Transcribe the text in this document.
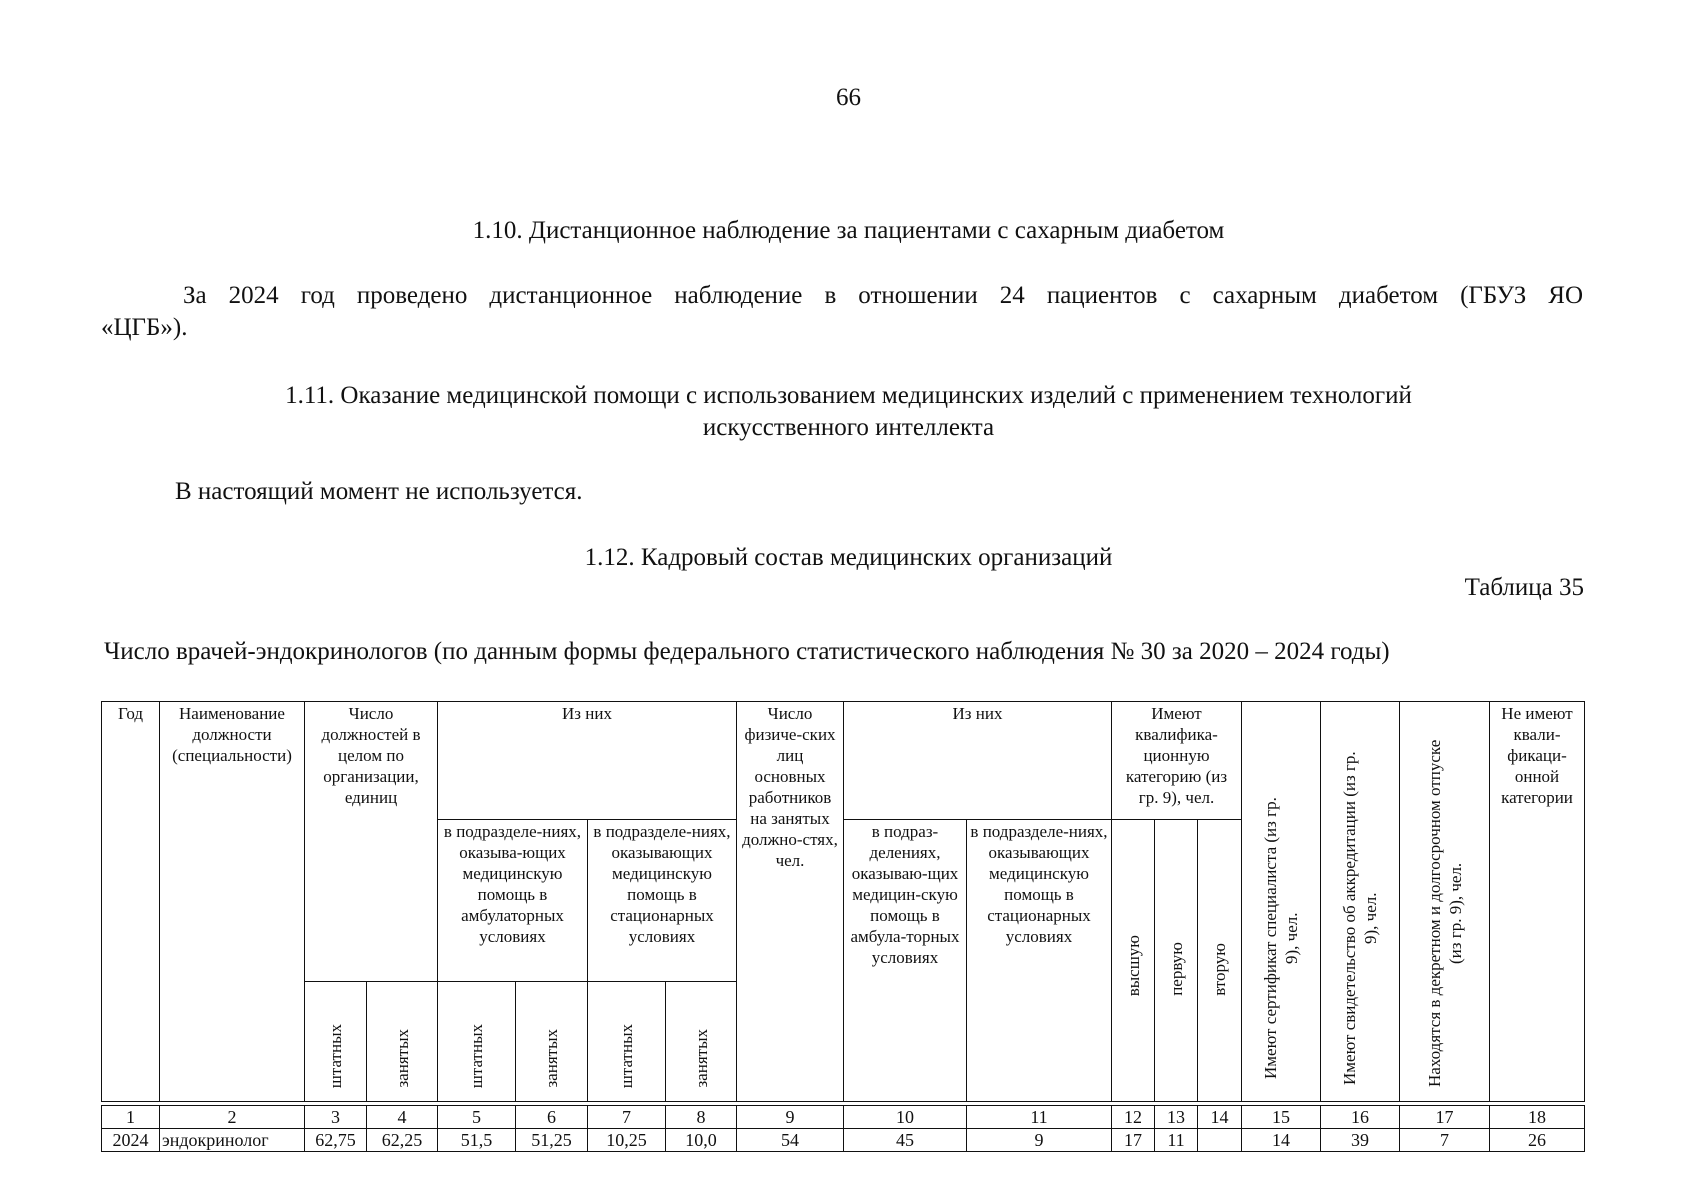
66
1.10. Дистанционное наблюдение за пациентами с сахарным диабетом
За 2024 год проведено дистанционное наблюдение в отношении 24 пациентов с сахарным диабетом (ГБУЗ ЯО
«ЦГБ»).
1.11. Оказание медицинской помощи с использованием медицинских изделий с применением технологий
искусственного интеллекта
В настоящий момент не используется.
1.12. Кадровый состав медицинских организаций
Таблица 35
Число врачей-эндокринологов (по данным формы федерального статистического наблюдения № 30 за 2020 – 2024 годы)
Год	Наименование должности (специальности)	Число должностей в целом по организации, единиц		Из них				Число физиче-ских лиц основных работников на занятых должно-стях, чел.	Из них		Имеют квалифика-ционную категорию (из гр. 9), чел.			Имеют сертификат специалиста (из гр. 9), чел.	Имеют свидетельство об аккредитации (из гр. 9), чел.	Находятся в декретном и долгосрочном отпуске (из гр. 9), чел.	Не имеют квали-фикаци-онной категории
				в подразделе-ниях, оказыва-ющих медицинскую помощь в амбулаторных условиях		в подразделе-ниях, оказывающих медицинскую помощь в стационарных условиях			в подраз-делениях, оказываю-щих медицин-скую помощь в амбула-торных условиях	в подразделе-ниях, оказывающих медицинскую помощь в стационарных условиях	высшую	первую	вторую				
		штатных	занятых	штатных	занятых	штатных	занятых										

1	2	3	4	5	6	7	8	9	10	11	12	13	14	15	16	17	18
2024	эндокринолог	62,75	62,25	51,5	51,25	10,25	10,0	54	45	9	17	11		14	39	7	26
